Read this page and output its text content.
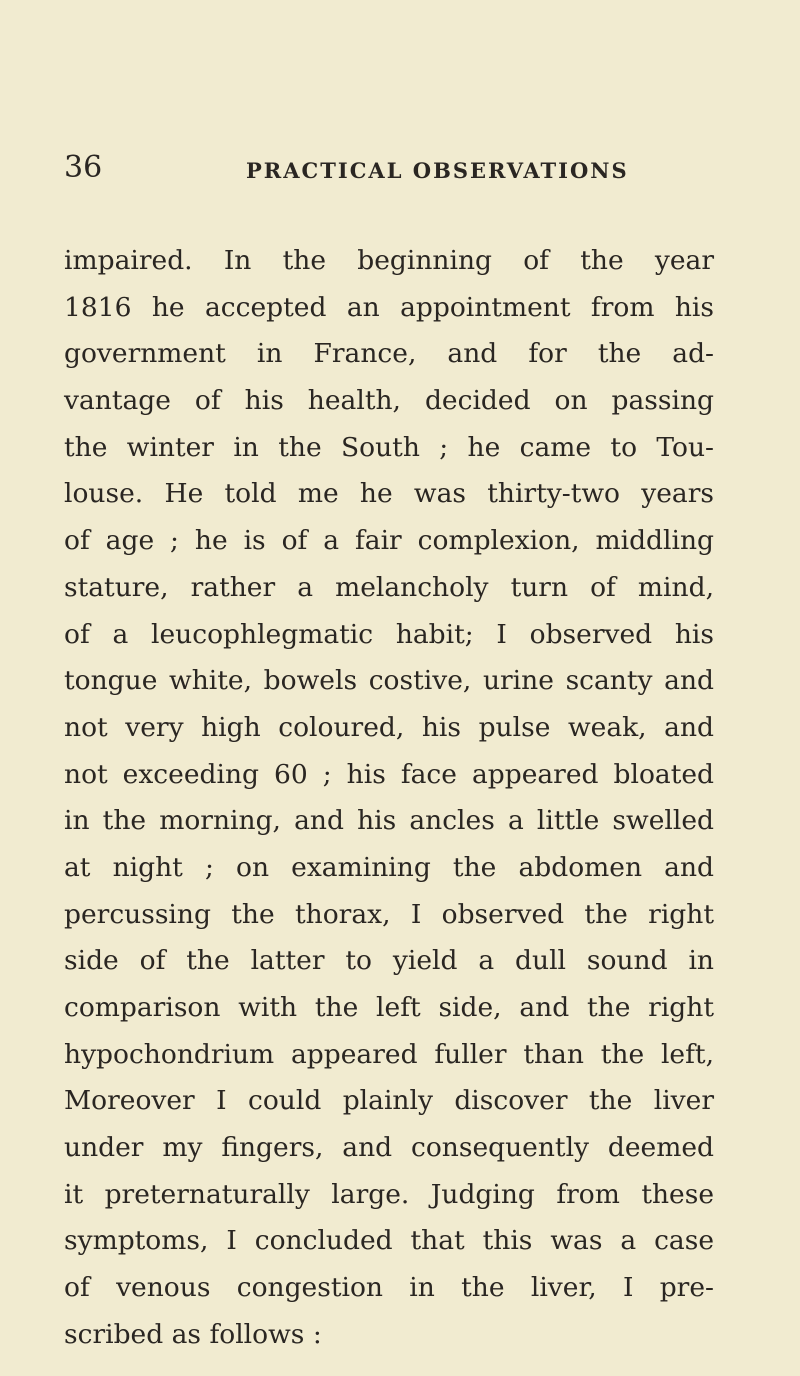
36	PRACTICAL OBSERVATIONS
impaired. In the beginning of the year
1816 he accepted an appointment from his
government in France, and for the ad-
vantage of his health, decided on passing
the winter in the South ; he came to Tou-
louse. He told me he was thirty-two years
of age ; he is of a fair complexion, middling
stature, rather a melancholy turn of mind,
of a leucophlegmatic habit; I observed his
tongue white, bowels costive, urine scanty and
not very high coloured, his pulse weak, and
not exceeding 60 ; his face appeared bloated
in the morning, and his ancles a little swelled
at night ; on examining the abdomen and
percussing the thorax, I observed the right
side of the latter to yield a dull sound in
comparison with the left side, and the right
hypochondrium appeared fuller than the left,
Moreover I could plainly discover the liver
under my fingers, and consequently deemed
it preternaturally large. Judging from these
symptoms, I concluded that this was a case
of venous congestion in the liver, I pre-
scribed as follows :
